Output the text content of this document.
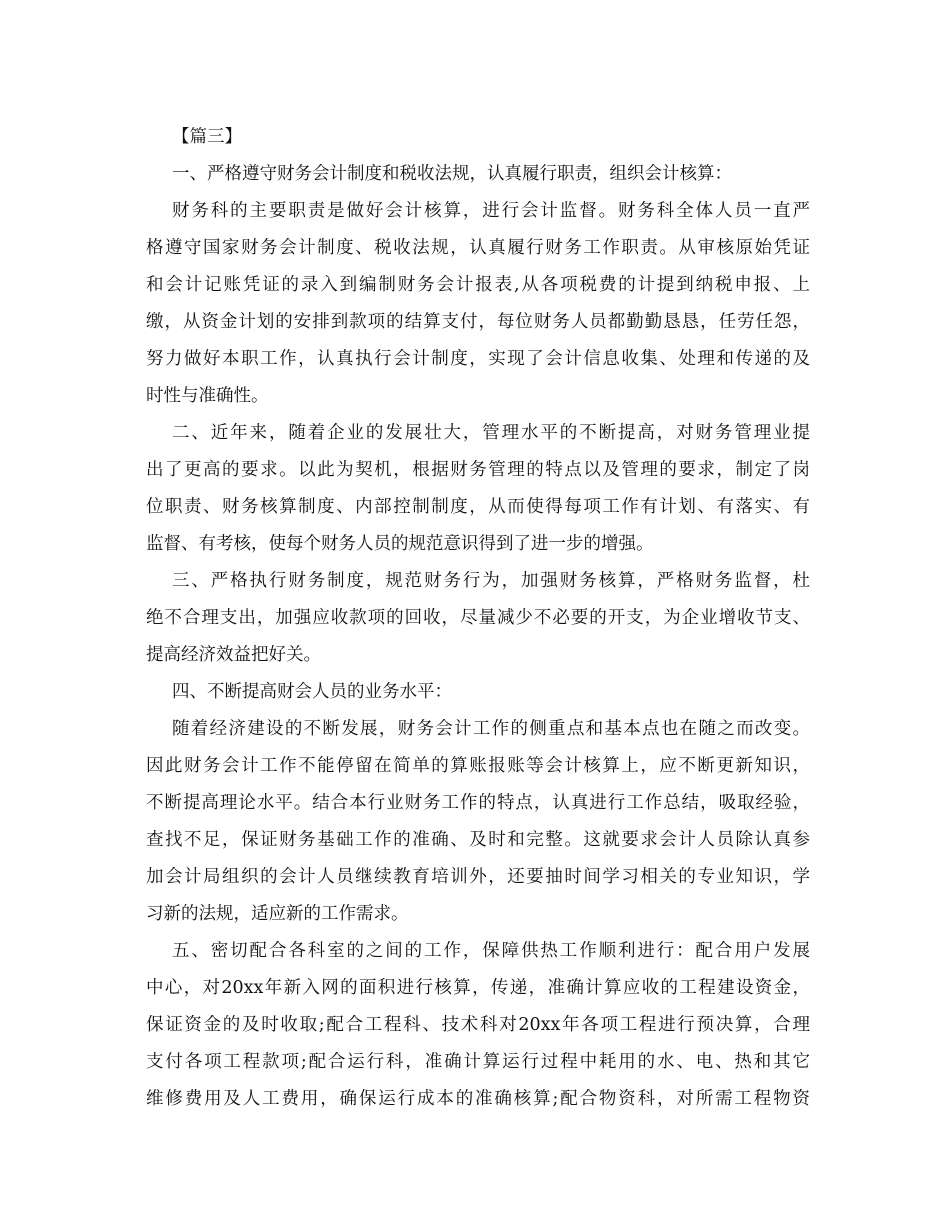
【篇三】
一、严格遵守财务会计制度和税收法规，认真履行职责，组织会计核算：
财务科的主要职责是做好会计核算，进行会计监督。财务科全体人员一直严
格遵守国家财务会计制度、税收法规，认真履行财务工作职责。从审核原始凭证
和会计记账凭证的录入到编制财务会计报表,从各项税费的计提到纳税申报、上
缴，从资金计划的安排到款项的结算支付，每位财务人员都勤勤恳恳，任劳任怨，
努力做好本职工作，认真执行会计制度，实现了会计信息收集、处理和传递的及
时性与准确性。
二、近年来，随着企业的发展壮大，管理水平的不断提高，对财务管理业提
出了更高的要求。以此为契机，根据财务管理的特点以及管理的要求，制定了岗
位职责、财务核算制度、内部控制制度，从而使得每项工作有计划、有落实、有
监督、有考核，使每个财务人员的规范意识得到了进一步的增强。
三、严格执行财务制度，规范财务行为，加强财务核算，严格财务监督，杜
绝不合理支出，加强应收款项的回收，尽量减少不必要的开支，为企业增收节支、
提高经济效益把好关。
四、不断提高财会人员的业务水平：
随着经济建设的不断发展，财务会计工作的侧重点和基本点也在随之而改变。
因此财务会计工作不能停留在简单的算账报账等会计核算上，应不断更新知识，
不断提高理论水平。结合本行业财务工作的特点，认真进行工作总结，吸取经验，
查找不足，保证财务基础工作的准确、及时和完整。这就要求会计人员除认真参
加会计局组织的会计人员继续教育培训外，还要抽时间学习相关的专业知识，学
习新的法规，适应新的工作需求。
五、密切配合各科室的之间的工作，保障供热工作顺利进行：配合用户发展
中心，对20xx年新入网的面积进行核算，传递，准确计算应收的工程建设资金，
保证资金的及时收取;配合工程科、技术科对20xx年各项工程进行预决算，合理
支付各项工程款项;配合运行科，准确计算运行过程中耗用的水、电、热和其它
维修费用及人工费用，确保运行成本的准确核算;配合物资科，对所需工程物资
